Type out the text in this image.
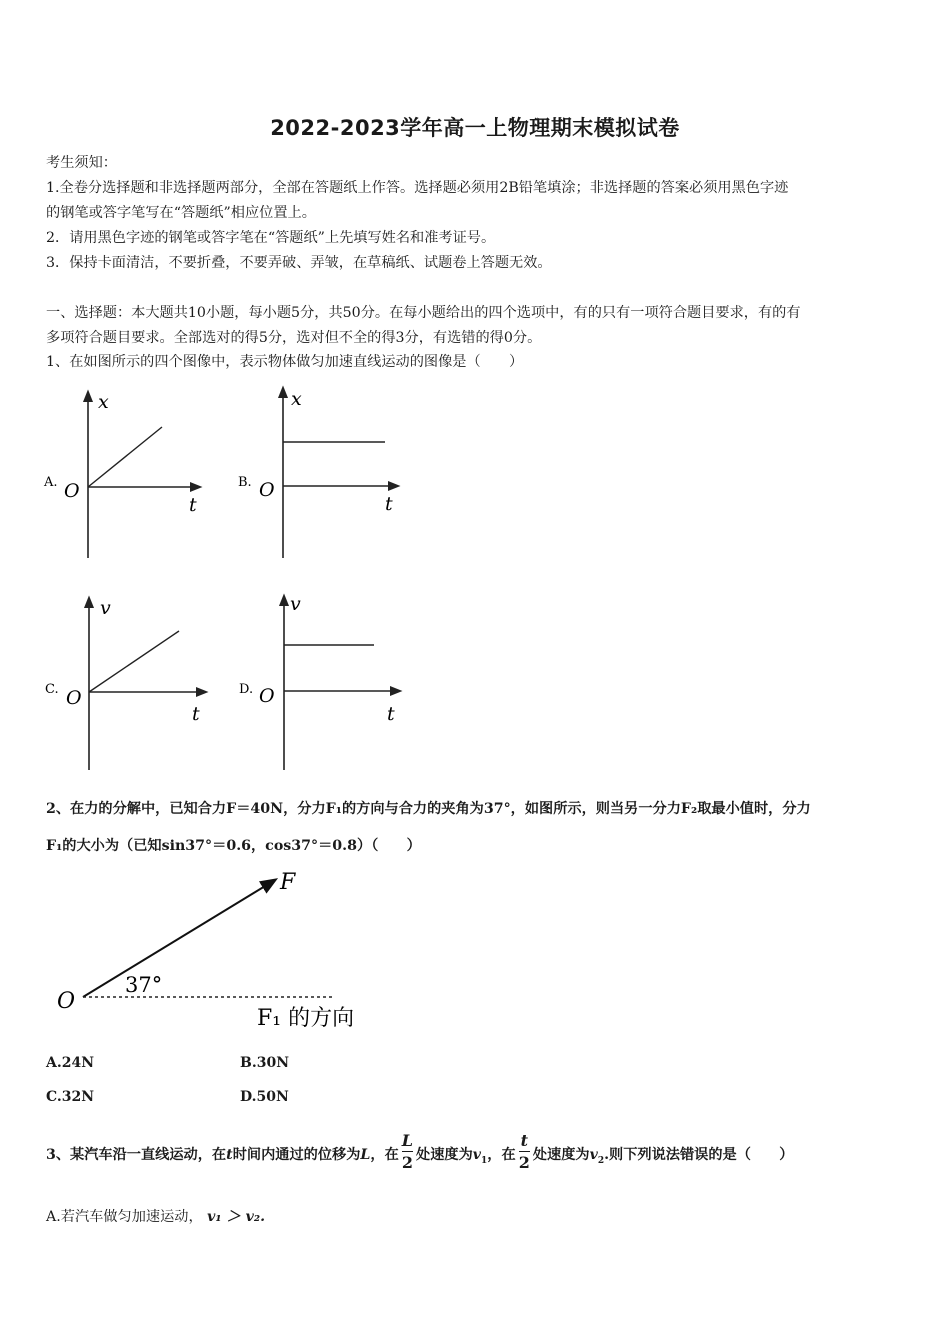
2022-2023学年高一上物理期末模拟试卷
考生须知：
1.全卷分选择题和非选择题两部分，全部在答题纸上作答。选择题必须用2B铅笔填涂；非选择题的答案必须用黑色字迹
的钢笔或答字笔写在“答题纸”相应位置上。
2．请用黑色字迹的钢笔或答字笔在“答题纸”上先填写姓名和准考证号。
3．保持卡面清洁，不要折叠，不要弄破、弄皱，在草稿纸、试题卷上答题无效。
一、选择题：本大题共10小题，每小题5分，共50分。在每小题给出的四个选项中，有的只有一项符合题目要求，有的有
多项符合题目要求。全部选对的得5分，选对但不全的得3分，有选错的得0分。
1、在如图所示的四个图像中，表示物体做匀加速直线运动的图像是（　　）
A.
x
t
O	B.
x
t
O
C.
v
t
O	D.
v
t
O
2、在力的分解中，已知合力F＝40N，分力F₁的方向与合力的夹角为37°，如图所示，则当另一分力F₂取最小值时，分力
F₁的大小为（已知sin37°＝0.6，cos37°＝0.8）（　　）
F
37°
O
F₁ 的方向
A.24N	B.30N
C.32N	D.50N
3、某汽车沿一直线运动，在t时间内通过的位移为L，在 $\frac{L}{2}$ 处速度为$v_1$，在 $\frac{t}{2}$ 处速度为$v_2$.则下列说法错误的是（　　）
A.若汽车做匀加速运动， v₁ ＞ v₂.
